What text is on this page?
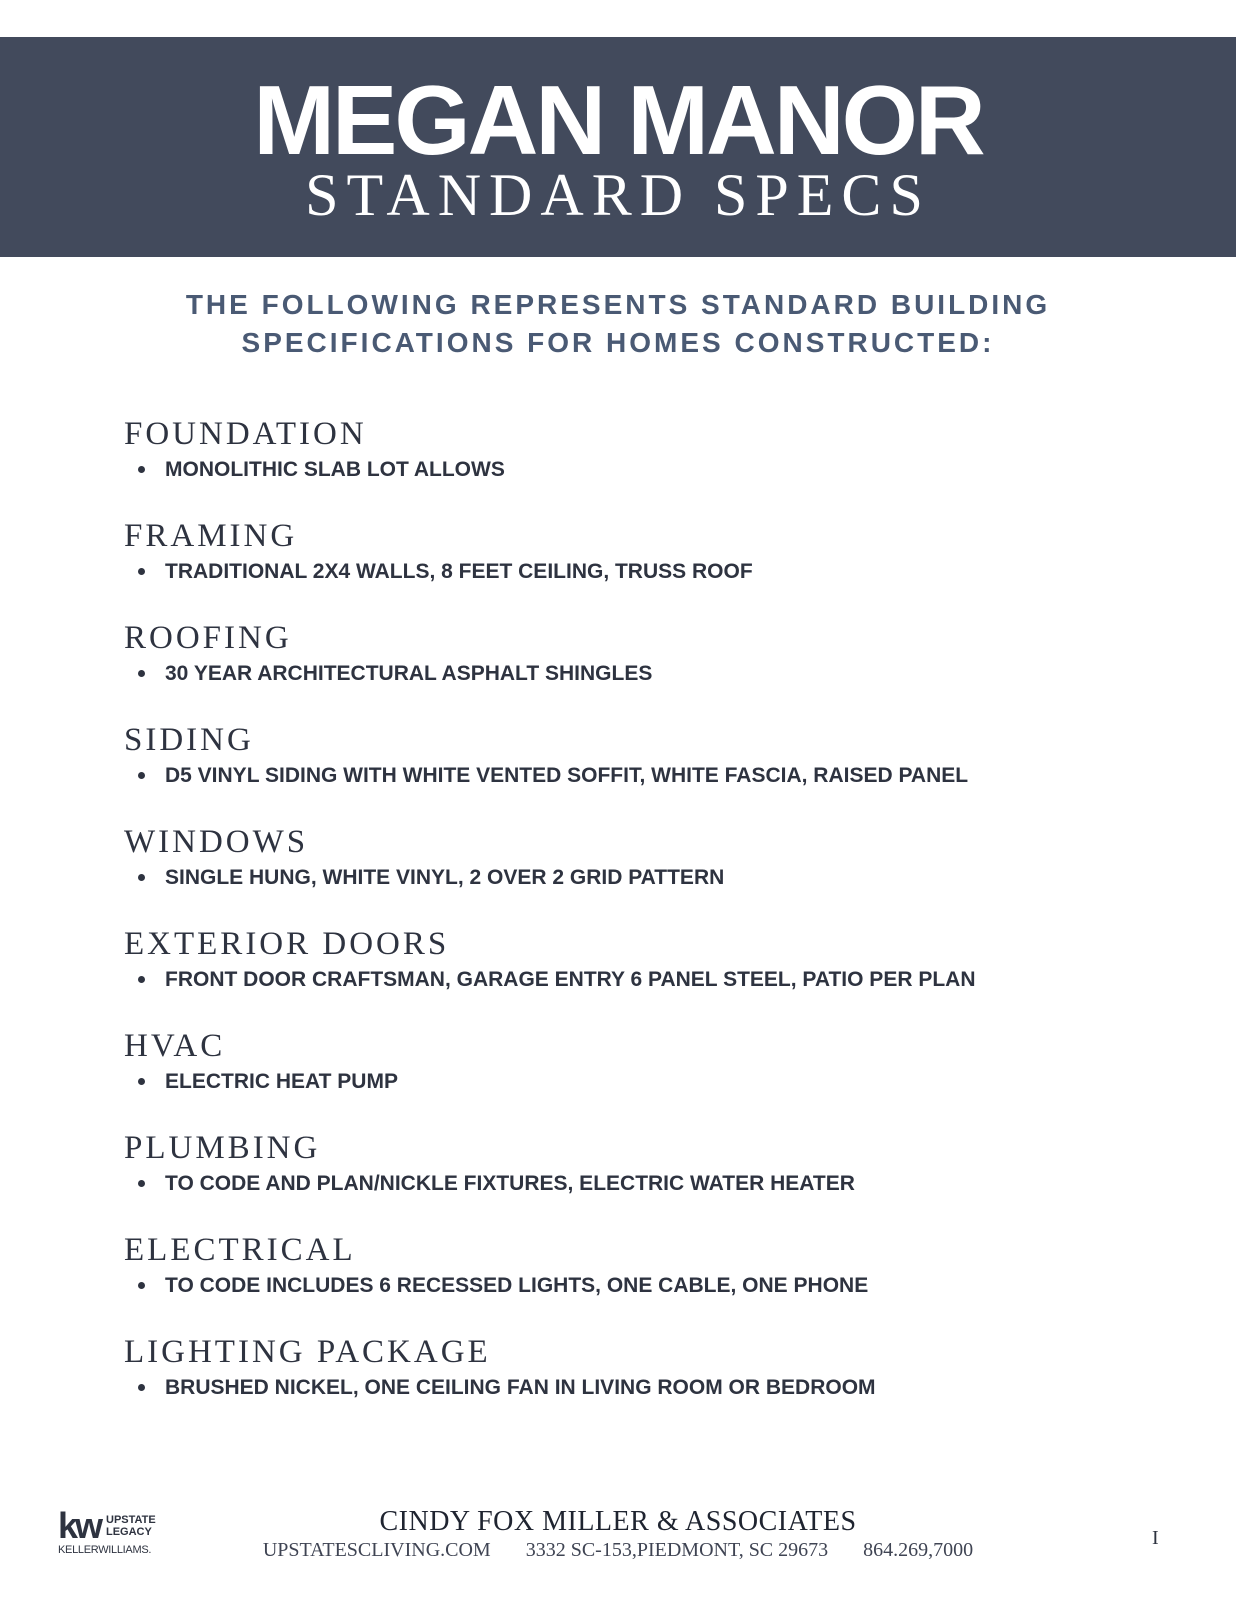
MEGAN MANOR
STANDARD SPECS
THE FOLLOWING REPRESENTS STANDARD BUILDING
SPECIFICATIONS FOR HOMES CONSTRUCTED:
FOUNDATION
MONOLITHIC SLAB LOT ALLOWS
FRAMING
TRADITIONAL 2X4 WALLS, 8 FEET CEILING, TRUSS ROOF
ROOFING
30 YEAR ARCHITECTURAL ASPHALT SHINGLES
SIDING
D5 VINYL SIDING WITH WHITE VENTED SOFFIT, WHITE FASCIA, RAISED PANEL
WINDOWS
SINGLE HUNG, WHITE VINYL, 2 OVER 2 GRID PATTERN
EXTERIOR DOORS
FRONT DOOR CRAFTSMAN, GARAGE ENTRY 6 PANEL STEEL, PATIO PER PLAN
HVAC
ELECTRIC HEAT PUMP
PLUMBING
TO CODE AND PLAN/NICKLE FIXTURES, ELECTRIC WATER HEATER
ELECTRICAL
TO CODE INCLUDES 6 RECESSED LIGHTS, ONE CABLE, ONE PHONE
LIGHTING PACKAGE
BRUSHED NICKEL, ONE CEILING FAN IN LIVING ROOM OR BEDROOM
kw UPSTATE
LEGACY
KELLERWILLIAMS.
CINDY FOX MILLER & ASSOCIATES
UPSTATESCLIVING.COM 3332 SC-153,PIEDMONT, SC 29673 864.269,7000
I
